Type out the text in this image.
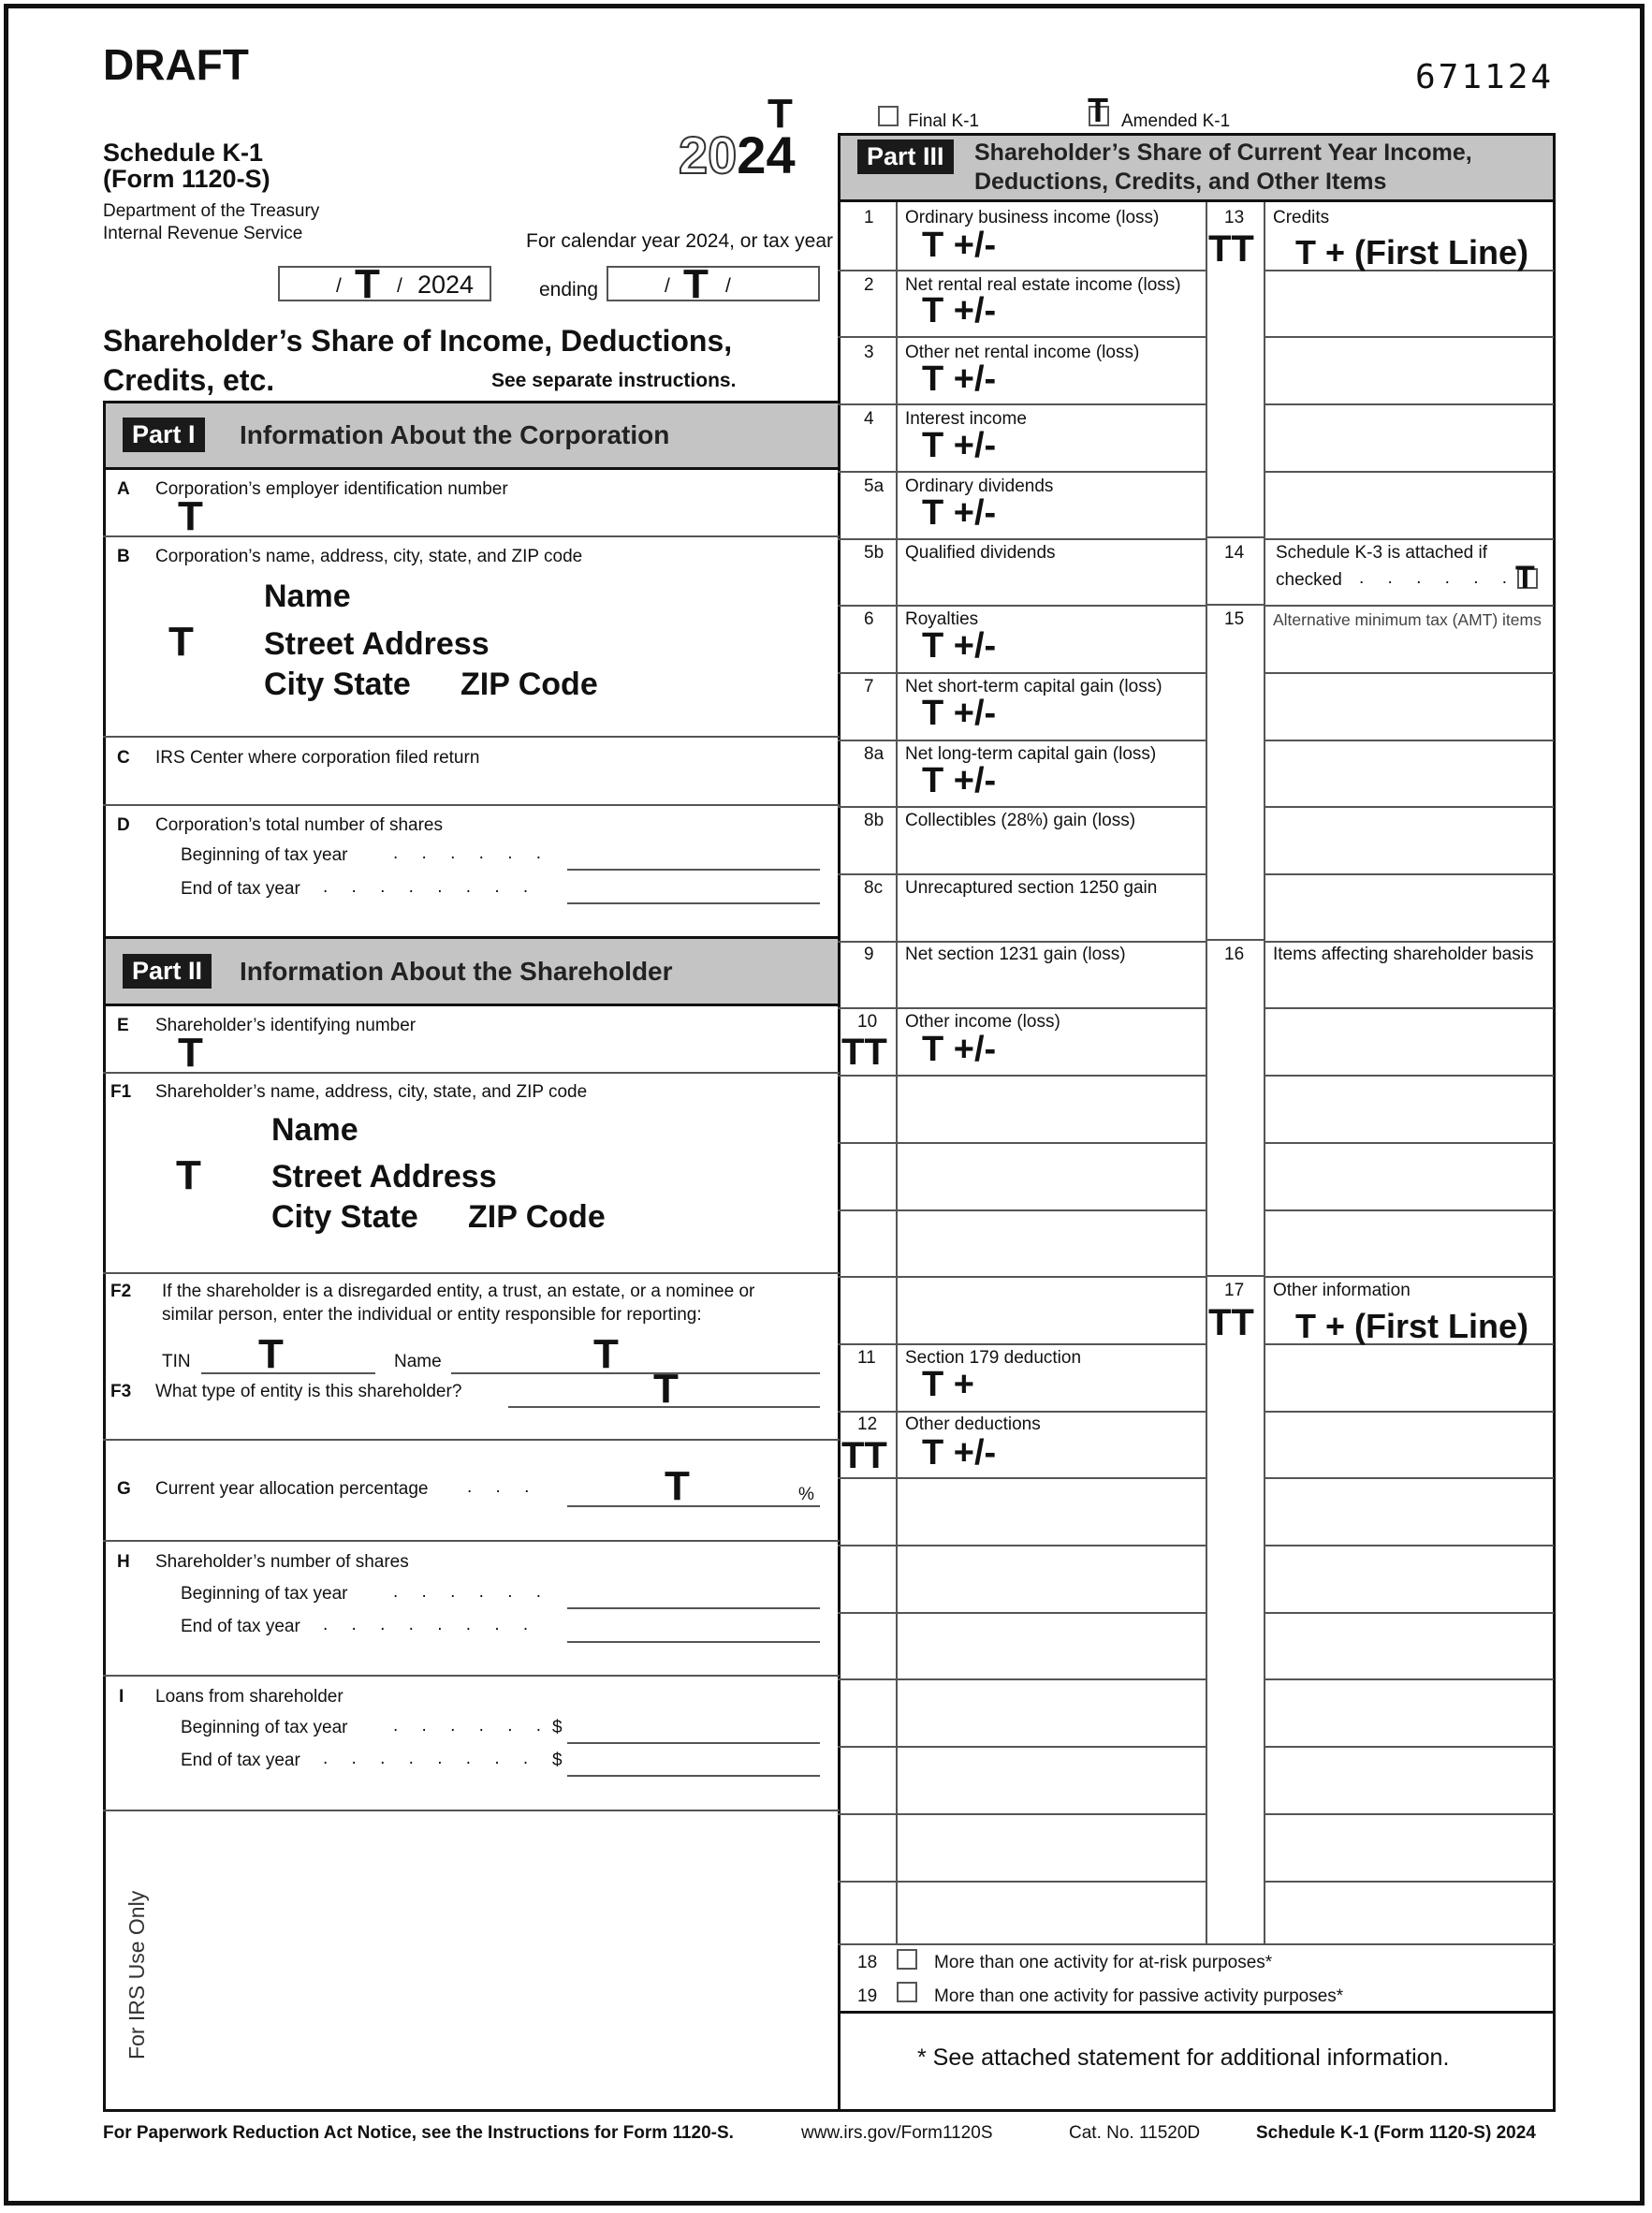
DRAFT	671124
Schedule K-1
(Form 1120-S)
Department of the Treasury
Internal Revenue Service
T
2024
Final K-1	T Amended K-1
For calendar year 2024, or tax year
/ T / 2024	ending	/ T /
Shareholder’s Share of Income, Deductions,
Credits, etc.	See separate instructions.
Part I	Information About the Corporation
A Corporation’s employer identification number
T
B Corporation’s name, address, city, state, and ZIP code
T
Name
Street Address
City State ZIP Code
C IRS Center where corporation filed return
D Corporation’s total number of shares
Beginning of tax year	. . . . . .
End of tax year . . . . . . . .
Part II	Information About the Shareholder
E Shareholder’s identifying number
T
F1 Shareholder’s name, address, city, state, and ZIP code
T
Name
Street Address
City State ZIP Code
F2 If the shareholder is a disregarded entity, a trust, an estate, or a nominee or
similar person, enter the individual or entity responsible for reporting:
TIN T	Name	T
F3 What type of entity is this shareholder?	T
G Current year allocation percentage . . .	T	%
H Shareholder’s number of shares
Beginning of tax year	. . . . . .
End of tax year . . . . . . . .
I Loans from shareholder
Beginning of tax year	. . . . . . $
End of tax year . . . . . . . . $
For IRS Use Only
Part III	Shareholder’s Share of Current Year Income,
Deductions, Credits, and Other Items
1 Ordinary business income (loss)
T +/-
2 Net rental real estate income (loss)
T +/-
3 Other net rental income (loss)
T +/-
4 Interest income
T +/-
5a Ordinary dividends
T +/-
5b Qualified dividends
6 Royalties
T +/-
7 Net short-term capital gain (loss)
T +/-
8a Net long-term capital gain (loss)
T +/-
8b Collectibles (28%) gain (loss)
8c Unrecaptured section 1250 gain
9 Net section 1231 gain (loss)
10 Other income (loss)
TT T +/-
11 Section 179 deduction
T +
12 Other deductions
TT T +/-
13 Credits
TT T + (First Line)
14 Schedule K-3 is attached if
checked . . . . . .
T
15 Alternative minimum tax (AMT) items
16 Items affecting shareholder basis
17 Other information
TT T + (First Line)
18	More than one activity for at-risk purposes*
19	More than one activity for passive activity purposes*
* See attached statement for additional information.
For Paperwork Reduction Act Notice, see the Instructions for Form 1120-S.	www.irs.gov/Form1120S	Cat. No. 11520D	Schedule K-1 (Form 1120-S) 2024
